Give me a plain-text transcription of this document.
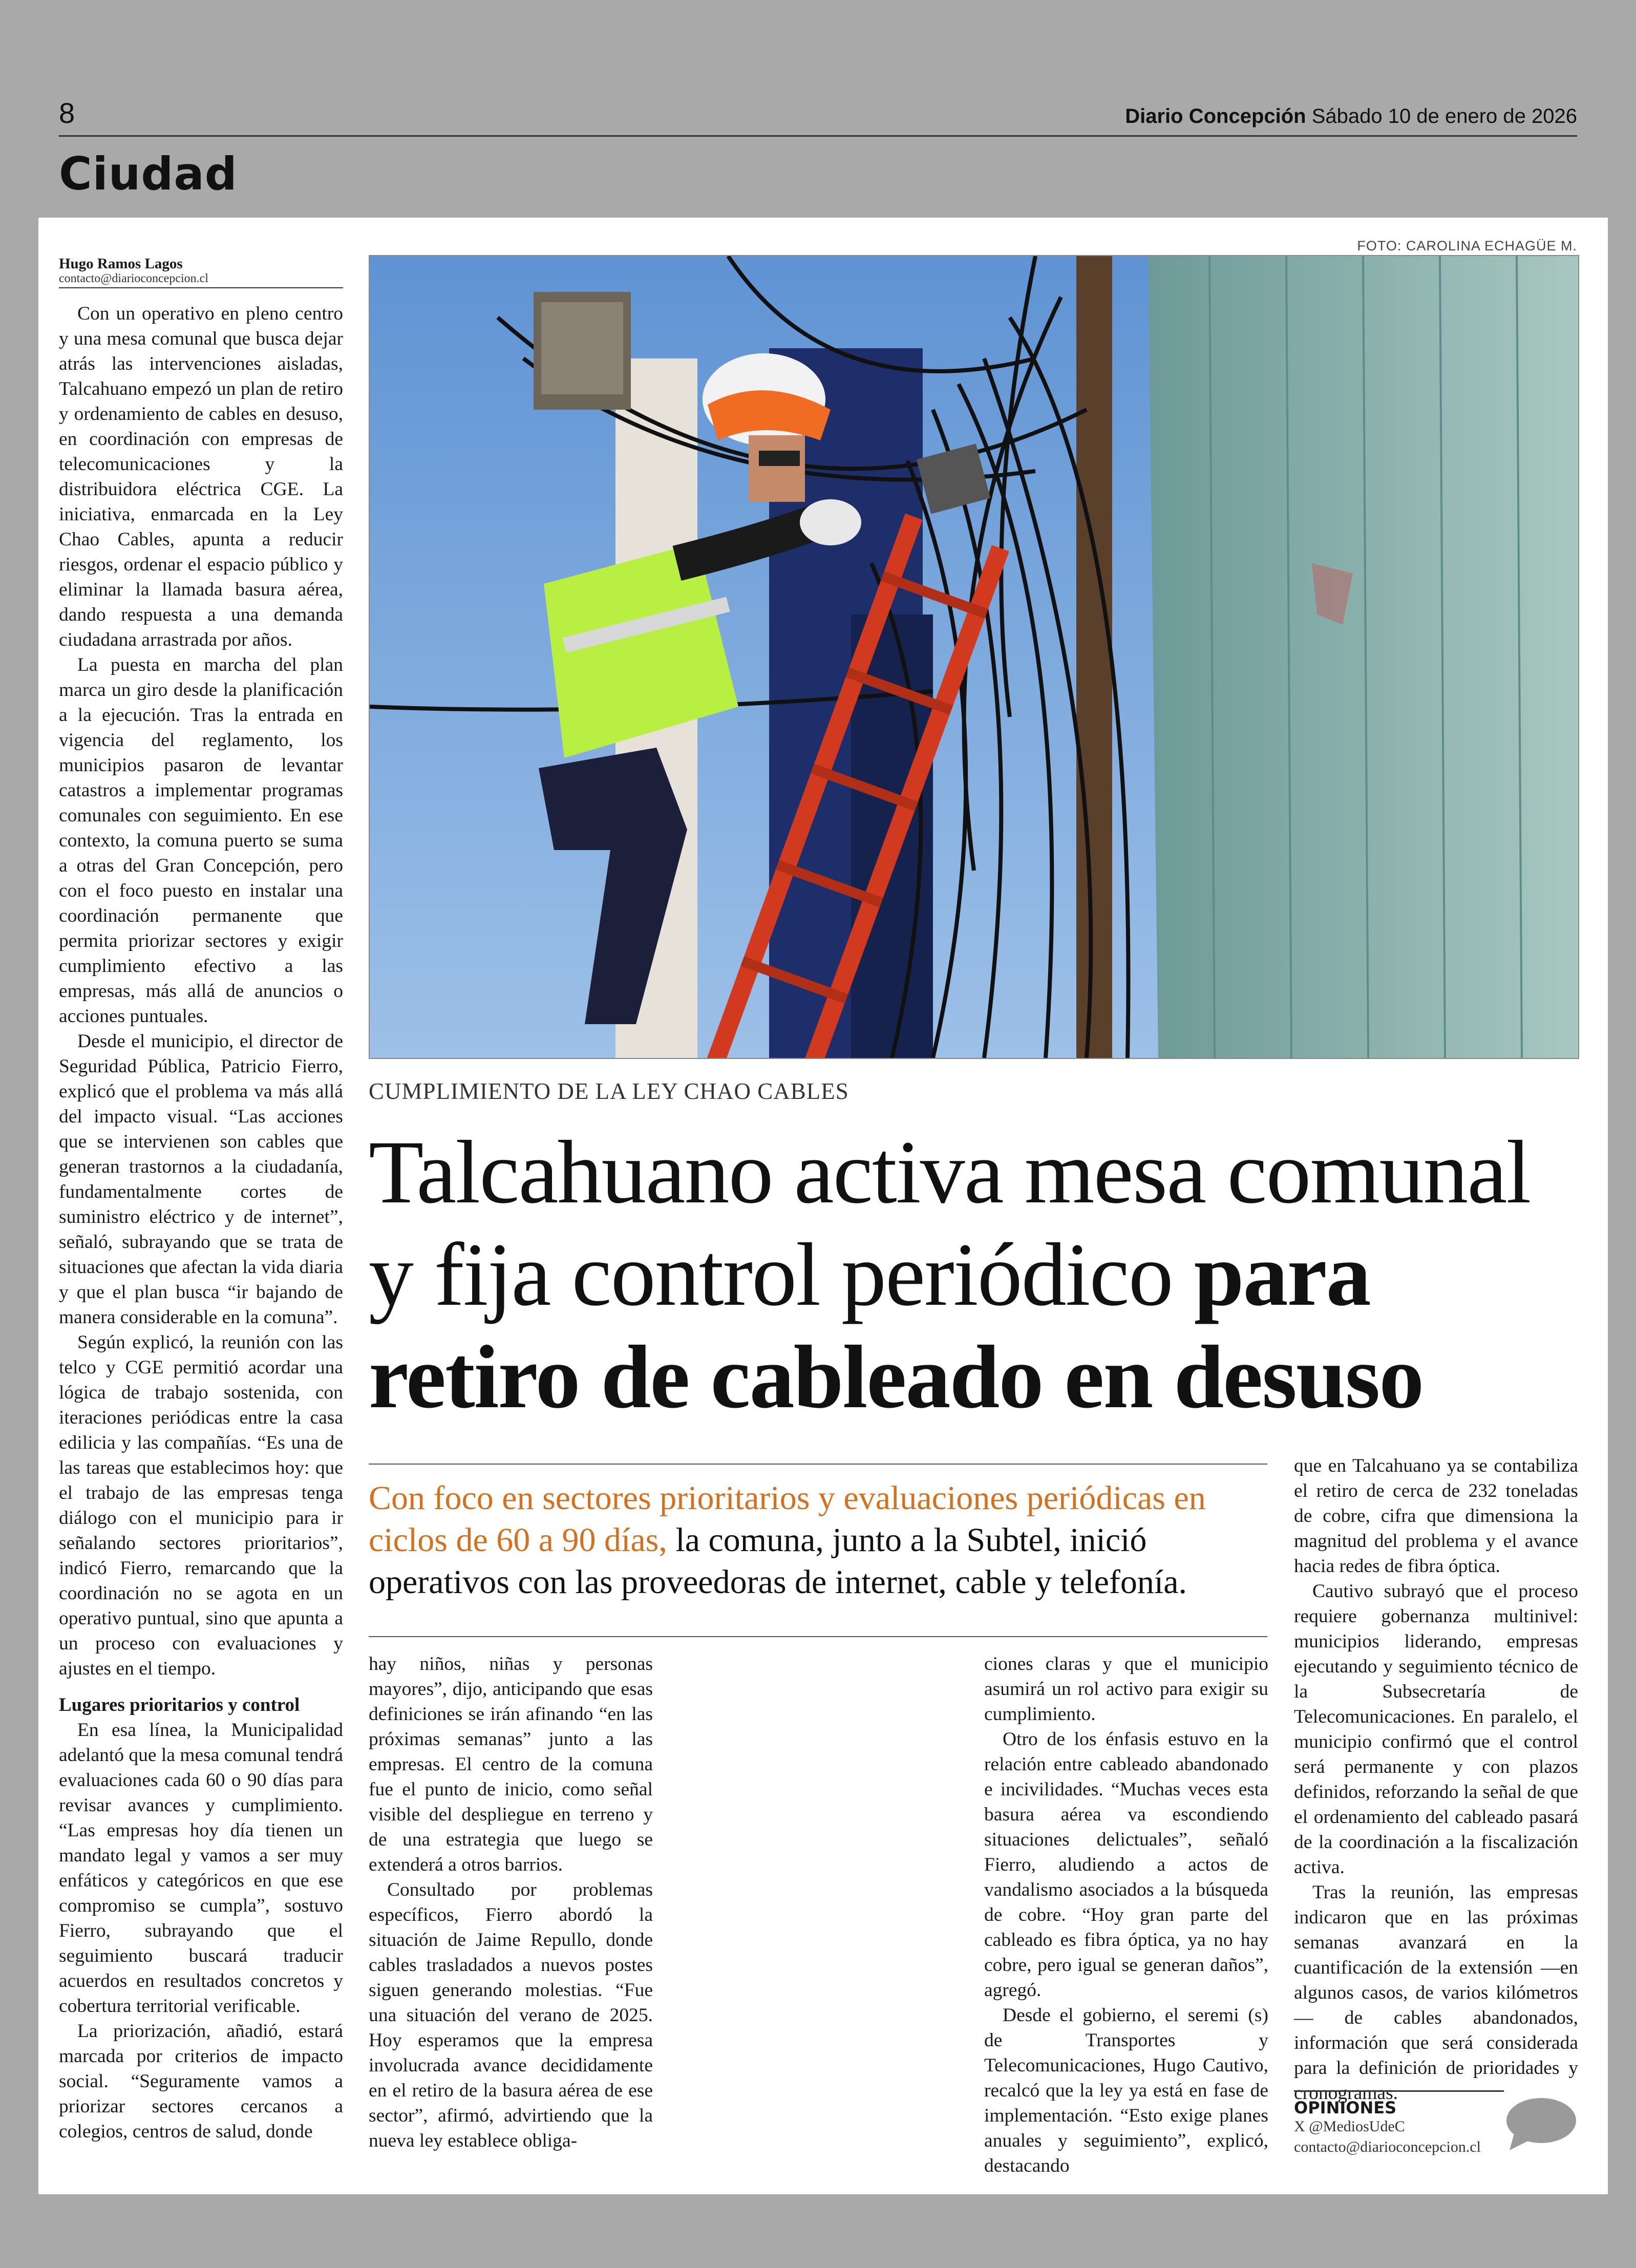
8	Diario Concepción Sábado 10 de enero de 2026
Ciudad
Hugo Ramos Lagos
contacto@diarioconcepcion.cl
FOTO: CAROLINA ECHAGÜE M.
CUMPLIMIENTO DE LA LEY CHAO CABLES
Talcahuano activa mesa comunal y fija control periódico para retiro de cableado en desuso
Con foco en sectores prioritarios y evaluaciones periódicas en ciclos de 60 a 90 días, la comuna, junto a la Subtel, inició operativos con las proveedoras de internet, cable y telefonía.

Con un operativo en pleno centro y una mesa comunal que busca dejar atrás las intervenciones aisladas, Talcahuano empezó un plan de retiro y ordenamiento de cables en desuso, en coordinación con empresas de telecomunicaciones y la distribuidora eléctrica CGE. La iniciativa, enmarcada en la Ley Chao Cables, apunta a reducir riesgos, ordenar el espacio público y eliminar la llamada basura aérea, dando respuesta a una demanda ciudadana arrastrada por años.

La puesta en marcha del plan marca un giro desde la planificación a la ejecución. Tras la entrada en vigencia del reglamento, los municipios pasaron de levantar catastros a implementar programas comunales con seguimiento. En ese contexto, la comuna puerto se suma a otras del Gran Concepción, pero con el foco puesto en instalar una coordinación permanente que permita priorizar sectores y exigir cumplimiento efectivo a las empresas, más allá de anuncios o acciones puntuales.

Desde el municipio, el director de Seguridad Pública, Patricio Fierro, explicó que el problema va más allá del impacto visual. “Las acciones que se intervienen son cables que generan trastornos a la ciudadanía, fundamentalmente cortes de suministro eléctrico y de internet”, señaló, subrayando que se trata de situaciones que afectan la vida diaria y que el plan busca “ir bajando de manera considerable en la comuna”.

Según explicó, la reunión con las telco y CGE permitió acordar una lógica de trabajo sostenida, con iteraciones periódicas entre la casa edilicia y las compañías. “Es una de las tareas que establecimos hoy: que el trabajo de las empresas tenga diálogo con el municipio para ir señalando sectores prioritarios”, indicó Fierro, remarcando que la coordinación no se agota en un operativo puntual, sino que apunta a un proceso con evaluaciones y ajustes en el tiempo.

Lugares prioritarios y control

En esa línea, la Municipalidad adelantó que la mesa comunal tendrá evaluaciones cada 60 o 90 días para revisar avances y cumplimiento. “Las empresas hoy día tienen un mandato legal y vamos a ser muy enfáticos y categóricos en que ese compromiso se cumpla”, sostuvo Fierro, subrayando que el seguimiento buscará traducir acuerdos en resultados concretos y cobertura territorial verificable.

La priorización, añadió, estará marcada por criterios de impacto social. “Seguramente vamos a priorizar sectores cercanos a colegios, centros de salud, donde

hay niños, niñas y personas mayores”, dijo, anticipando que esas definiciones se irán afinando “en las próximas semanas” junto a las empresas. El centro de la comuna fue el punto de inicio, como señal visible del despliegue en terreno y de una estrategia que luego se extenderá a otros barrios.

Consultado por problemas específicos, Fierro abordó la situación de Jaime Repullo, donde cables trasladados a nuevos postes siguen generando molestias. “Fue una situación del verano de 2025. Hoy esperamos que la empresa involucrada avance decididamente en el retiro de la basura aérea de ese sector”, afirmó, advirtiendo que la nueva ley establece obliga-

ciones claras y que el municipio asumirá un rol activo para exigir su cumplimiento.

Otro de los énfasis estuvo en la relación entre cableado abandonado e incivilidades. “Muchas veces esta basura aérea va escondiendo situaciones delictuales”, señaló Fierro, aludiendo a actos de vandalismo asociados a la búsqueda de cobre. “Hoy gran parte del cableado es fibra óptica, ya no hay cobre, pero igual se generan daños”, agregó.

Desde el gobierno, el seremi (s) de Transportes y Telecomunicaciones, Hugo Cautivo, recalcó que la ley ya está en fase de implementación. “Esto exige planes anuales y seguimiento”, explicó, destacando

que en Talcahuano ya se contabiliza el retiro de cerca de 232 toneladas de cobre, cifra que dimensiona la magnitud del problema y el avance hacia redes de fibra óptica.

Cautivo subrayó que el proceso requiere gobernanza multinivel: municipios liderando, empresas ejecutando y seguimiento técnico de la Subsecretaría de Telecomunicaciones. En paralelo, el municipio confirmó que el control será permanente y con plazos definidos, reforzando la señal de que el ordenamiento del cableado pasará de la coordinación a la fiscalización activa.

Tras la reunión, las empresas indicaron que en las próximas semanas avanzará en la cuantificación de la extensión —en algunos casos, de varios kilómetros— de cables abandonados, información que será considerada para la definición de prioridades y cronogramas.

OPINIONES
X @MediosUdeC
contacto@diarioconcepcion.cl
